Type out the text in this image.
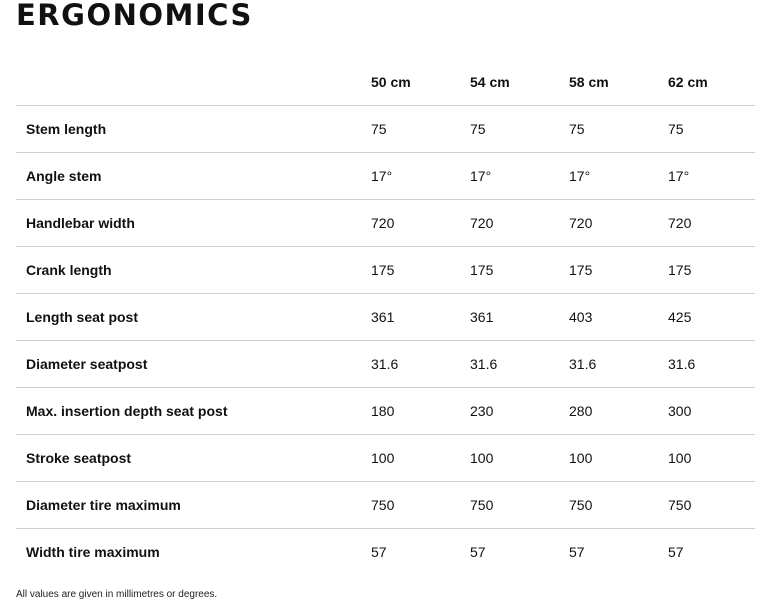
ERGONOMICS
50 cm	54 cm	58 cm	62 cm
Stem length	75	75	75	75
Angle stem	17°	17°	17°	17°
Handlebar width	720	720	720	720
Crank length	175	175	175	175
Length seat post	361	361	403	425
Diameter seatpost	31.6	31.6	31.6	31.6
Max. insertion depth seat post	180	230	280	300
Stroke seatpost	100	100	100	100
Diameter tire maximum	750	750	750	750
Width tire maximum	57	57	57	57
All values are given in millimetres or degrees.
